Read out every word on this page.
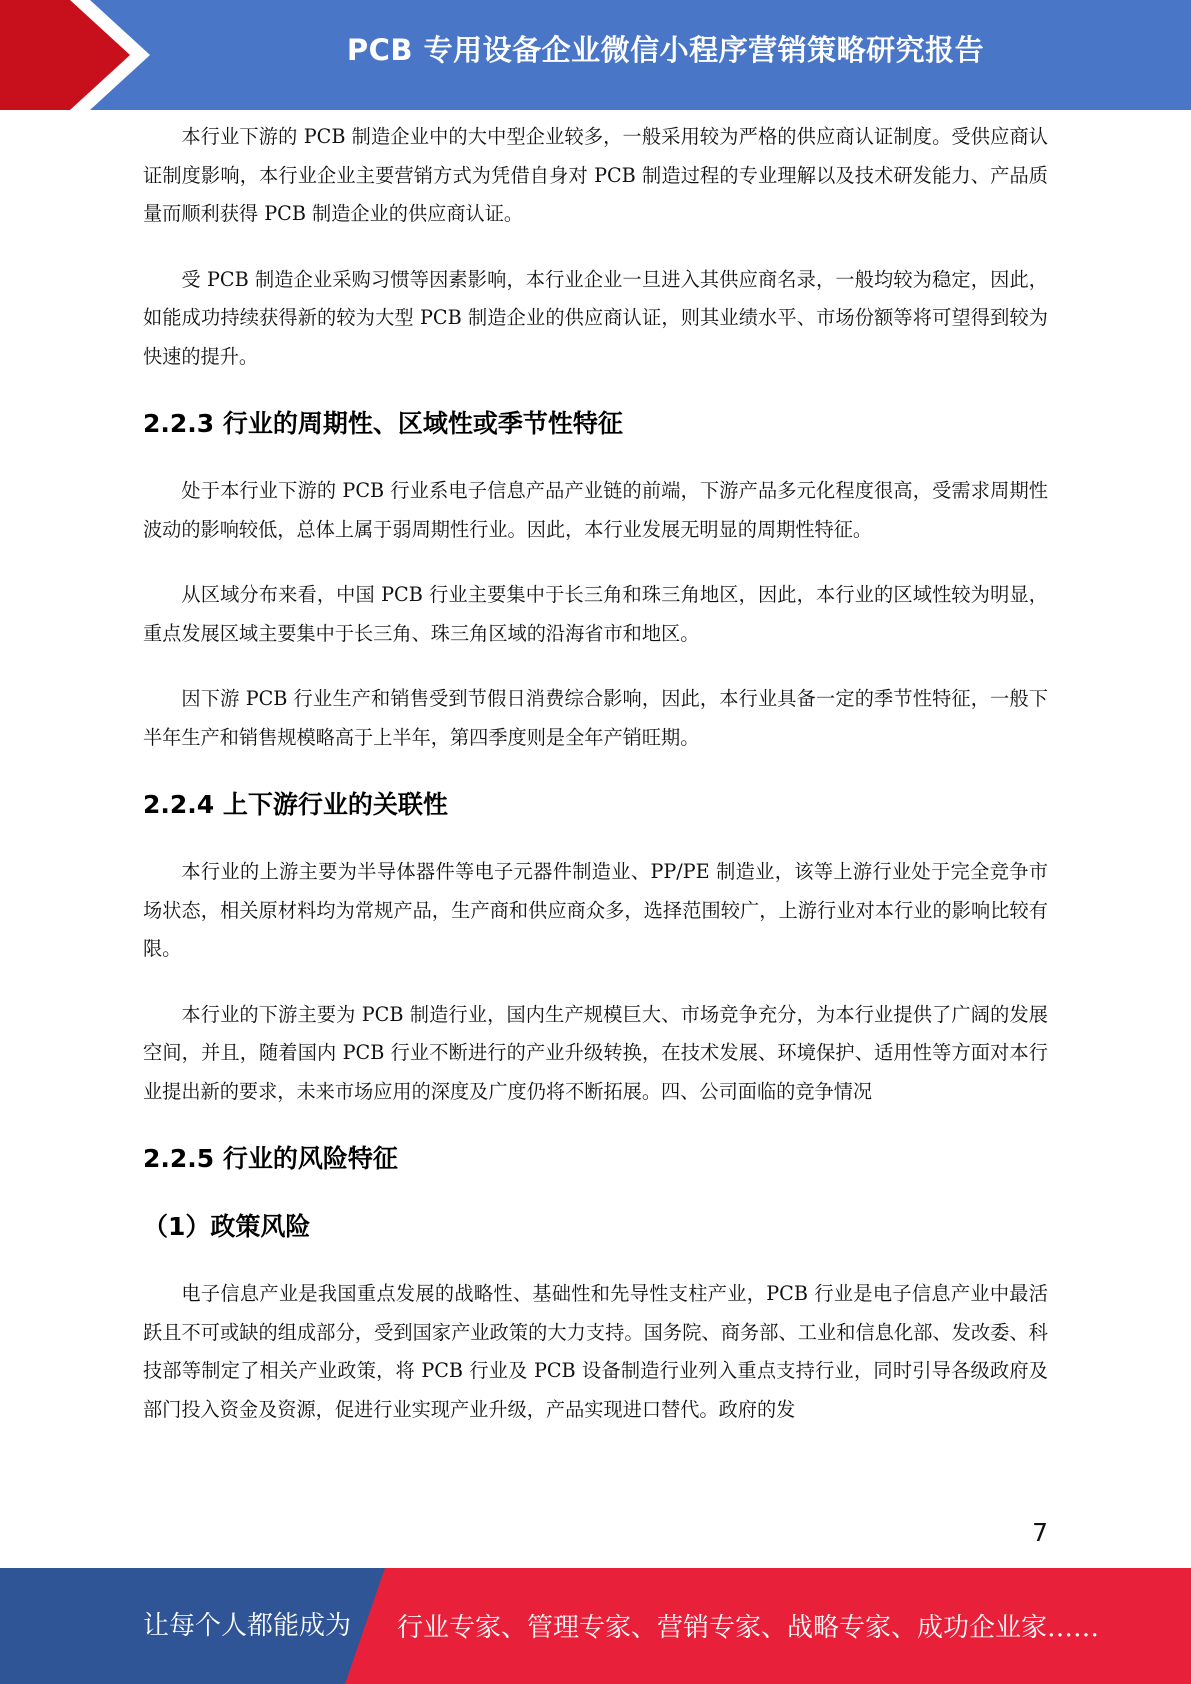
PCB 专用设备企业微信小程序营销策略研究报告

本行业下游的 PCB 制造企业中的大中型企业较多，一般采用较为严格的供应商认证制度。受供应商认证制度影响，本行业企业主要营销方式为凭借自身对 PCB 制造过程的专业理解以及技术研发能力、产品质量而顺利获得 PCB 制造企业的供应商认证。

受 PCB 制造企业采购习惯等因素影响，本行业企业一旦进入其供应商名录，一般均较为稳定，因此，如能成功持续获得新的较为大型 PCB 制造企业的供应商认证，则其业绩水平、市场份额等将可望得到较为快速的提升。

2.2.3 行业的周期性、区域性或季节性特征

处于本行业下游的 PCB 行业系电子信息产品产业链的前端，下游产品多元化程度很高，受需求周期性波动的影响较低，总体上属于弱周期性行业。因此，本行业发展无明显的周期性特征。

从区域分布来看，中国 PCB 行业主要集中于长三角和珠三角地区，因此，本行业的区域性较为明显，重点发展区域主要集中于长三角、珠三角区域的沿海省市和地区。

因下游 PCB 行业生产和销售受到节假日消费综合影响，因此，本行业具备一定的季节性特征，一般下半年生产和销售规模略高于上半年，第四季度则是全年产销旺期。

2.2.4 上下游行业的关联性

本行业的上游主要为半导体器件等电子元器件制造业、PP/PE 制造业，该等上游行业处于完全竞争市场状态，相关原材料均为常规产品，生产商和供应商众多，选择范围较广，上游行业对本行业的影响比较有限。

本行业的下游主要为 PCB 制造行业，国内生产规模巨大、市场竞争充分，为本行业提供了广阔的发展空间，并且，随着国内 PCB 行业不断进行的产业升级转换，在技术发展、环境保护、适用性等方面对本行业提出新的要求，未来市场应用的深度及广度仍将不断拓展。四、公司面临的竞争情况

2.2.5 行业的风险特征
（1）政策风险

电子信息产业是我国重点发展的战略性、基础性和先导性支柱产业，PCB 行业是电子信息产业中最活跃且不可或缺的组成部分，受到国家产业政策的大力支持。国务院、商务部、工业和信息化部、发改委、科技部等制定了相关产业政策，将 PCB 行业及 PCB 设备制造行业列入重点支持行业，同时引导各级政府及部门投入资金及资源，促进行业实现产业升级，产品实现进口替代。政府的发

7
让每个人都能成为 行业专家、管理专家、营销专家、战略专家、成功企业家……
